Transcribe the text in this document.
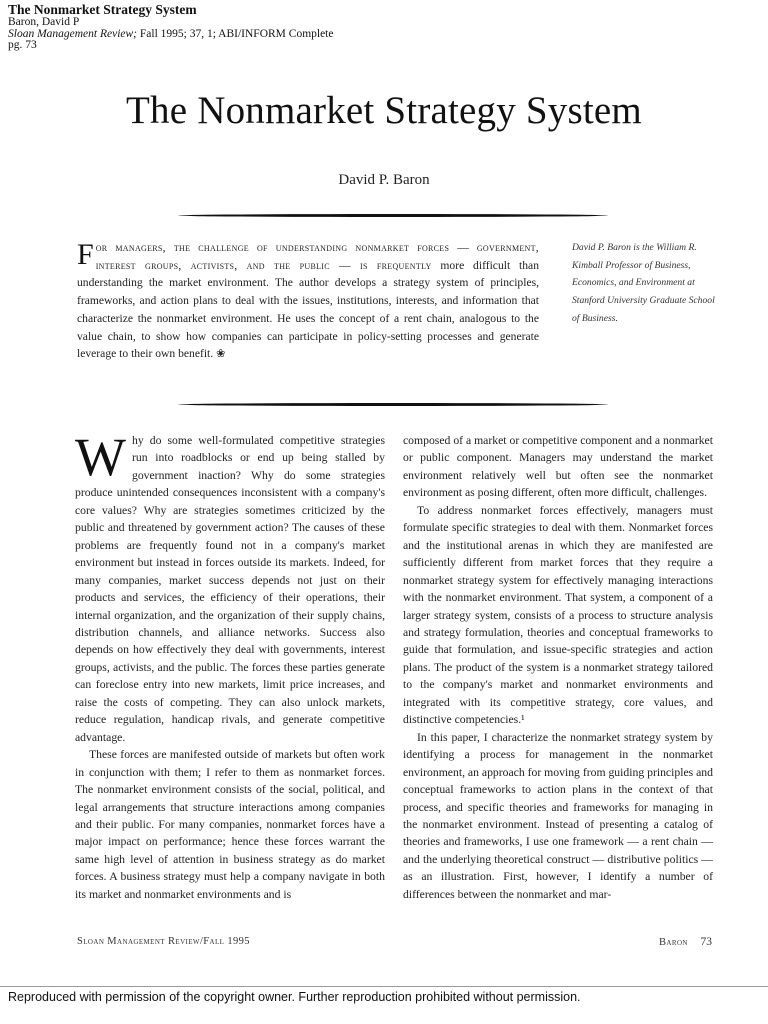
The Nonmarket Strategy System
Baron, David P
Sloan Management Review; Fall 1995; 37, 1; ABI/INFORM Complete
pg. 73
The Nonmarket Strategy System
David P. Baron
F or managers, the challenge of understanding nonmarket forces — government, interest groups, activists, and the public — is frequently more difficult than understanding the market environment. The author develops a strategy system of principles, frameworks, and action plans to deal with the issues, institutions, interests, and information that characterize the nonmarket environment. He uses the concept of a rent chain, analogous to the value chain, to show how companies can participate in policy-setting processes and generate leverage to their own benefit. ❀
David P. Baron is the William R. Kimball Professor of Business, Economics, and Environment at Stanford University Graduate School of Business.

Why do some well-formulated competitive strategies run into roadblocks or end up being stalled by government inaction? Why do some strategies produce unintended consequences inconsistent with a company's core values? Why are strategies sometimes criticized by the public and threatened by government action? The causes of these problems are frequently found not in a company's market environment but instead in forces outside its markets. Indeed, for many companies, market success depends not just on their products and services, the efficiency of their operations, their internal organization, and the organization of their supply chains, distribution channels, and alliance networks. Success also depends on how effectively they deal with governments, interest groups, activists, and the public. The forces these parties generate can foreclose entry into new markets, limit price increases, and raise the costs of competing. They can also unlock markets, reduce regulation, handicap rivals, and generate competitive advantage.

These forces are manifested outside of markets but often work in conjunction with them; I refer to them as nonmarket forces. The nonmarket environment consists of the social, political, and legal arrangements that structure interactions among companies and their public. For many companies, nonmarket forces have a major impact on performance; hence these forces warrant the same high level of attention in business strategy as do market forces. A business strategy must help a company navigate in both its market and nonmarket environments and is

composed of a market or competitive component and a nonmarket or public component. Managers may understand the market environment relatively well but often see the nonmarket environment as posing different, often more difficult, challenges.

To address nonmarket forces effectively, managers must formulate specific strategies to deal with them. Nonmarket forces and the institutional arenas in which they are manifested are sufficiently different from market forces that they require a nonmarket strategy system for effectively managing interactions with the nonmarket environment. That system, a component of a larger strategy system, consists of a process to structure analysis and strategy formulation, theories and conceptual frameworks to guide that formulation, and issue-specific strategies and action plans. The product of the system is a nonmarket strategy tailored to the company's market and nonmarket environments and integrated with its competitive strategy, core values, and distinctive competencies.¹

In this paper, I characterize the nonmarket strategy system by identifying a process for management in the nonmarket environment, an approach for moving from guiding principles and conceptual frameworks to action plans in the context of that process, and specific theories and frameworks for managing in the nonmarket environment. Instead of presenting a catalog of theories and frameworks, I use one framework — a rent chain — and the underlying theoretical construct — distributive politics — as an illustration. First, however, I identify a number of differences between the nonmarket and mar-

Sloan Management Review/Fall 1995	Baron 73
Reproduced with permission of the copyright owner. Further reproduction prohibited without permission.
